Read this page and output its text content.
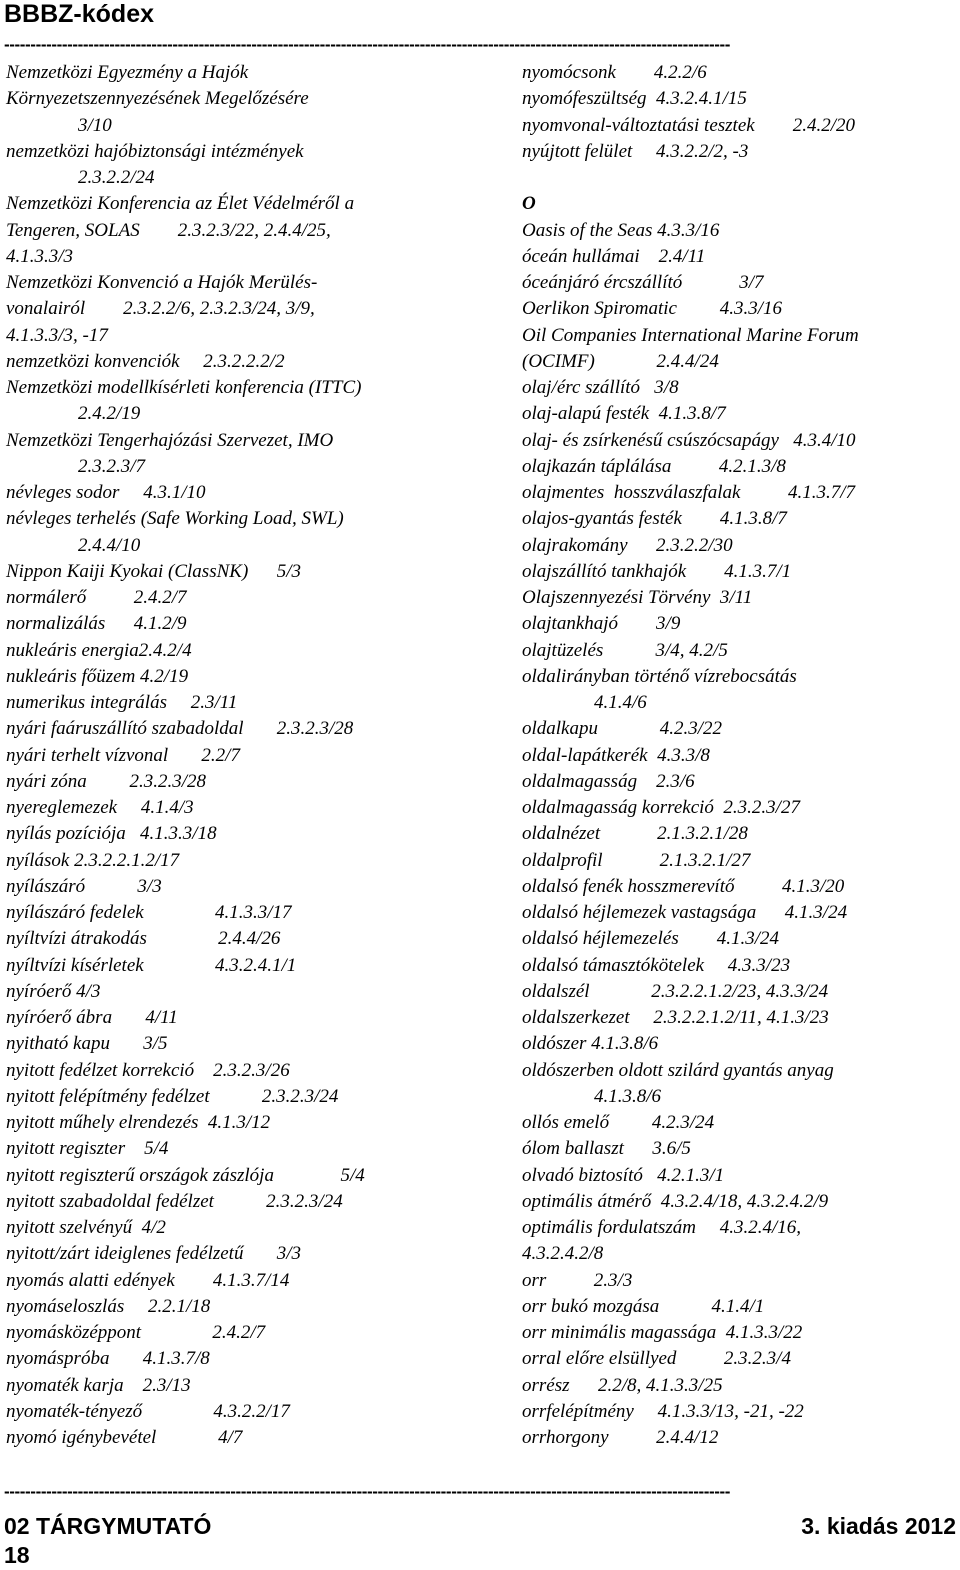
BBBZ-kódex
------------------------------------------------------------------------------------------------------------------------------------------
Nemzetközi Egyezmény a Hajók
Környezetszennyezésének Megelőzésére
3/10
nemzetközi hajóbiztonsági intézmények
2.3.2.2/24
Nemzetközi Konferencia az Élet Védelméről a
Tengeren, SOLAS        2.3.2.3/22, 2.4.4/25,
4.1.3.3/3
Nemzetközi Konvenció a Hajók Merülés-
vonalairól        2.3.2.2/6, 2.3.2.3/24, 3/9,
4.1.3.3/3, -17
nemzetközi konvenciók     2.3.2.2.2/2
Nemzetközi modellkísérleti konferencia (ITTC)
2.4.2/19
Nemzetközi Tengerhajózási Szervezet, IMO
2.3.2.3/7
névleges sodor     4.3.1/10
névleges terhelés (Safe Working Load, SWL)
2.4.4/10
Nippon Kaiji Kyokai (ClassNK)      5/3
normálerő          2.4.2/7
normalizálás      4.1.2/9
nukleáris energia2.4.2/4
nukleáris főüzem 4.2/19
numerikus integrálás     2.3/11
nyári faáruszállító szabadoldal       2.3.2.3/28
nyári terhelt vízvonal       2.2/7
nyári zóna         2.3.2.3/28
nyereglemezek     4.1.4/3
nyílás pozíciója   4.1.3.3/18
nyílások 2.3.2.2.1.2/17
nyílászáró           3/3
nyílászáró fedelek               4.1.3.3/17
nyíltvízi átrakodás               2.4.4/26
nyíltvízi kísérletek               4.3.2.4.1/1
nyíróerő 4/3
nyíróerő ábra       4/11
nyitható kapu       3/5
nyitott fedélzet korrekció    2.3.2.3/26
nyitott felépítmény fedélzet           2.3.2.3/24
nyitott műhely elrendezés  4.1.3/12
nyitott regiszter    5/4
nyitott regiszterű országok zászlója              5/4
nyitott szabadoldal fedélzet           2.3.2.3/24
nyitott szelvényű  4/2
nyitott/zárt ideiglenes fedélzetű       3/3
nyomás alatti edények        4.1.3.7/14
nyomáseloszlás     2.2.1/18
nyomásközéppont               2.4.2/7
nyomáspróba       4.1.3.7/8
nyomaték karja    2.3/13
nyomaték-tényező               4.3.2.2/17
nyomó igénybevétel             4/7
nyomócsonk        4.2.2/6
nyomófeszültség  4.3.2.4.1/15
nyomvonal-változtatási tesztek        2.4.2/20
nyújtott felület     4.3.2.2/2, -3
O
Oasis of the Seas 4.3.3/16
óceán hullámai    2.4/11
óceánjáró ércszállító            3/7
Oerlikon Spiromatic         4.3.3/16
Oil Companies International Marine Forum
(OCIMF)             2.4.4/24
olaj/érc szállító   3/8
olaj-alapú festék  4.1.3.8/7
olaj- és zsírkenésű csúszócsapágy   4.3.4/10
olajkazán táplálása          4.2.1.3/8
olajmentes  hosszválaszfalak          4.1.3.7/7
olajos-gyantás festék        4.1.3.8/7
olajrakomány      2.3.2.2/30
olajszállító tankhajók        4.1.3.7/1
Olajszennyezési Törvény  3/11
olajtankhajó        3/9
olajtüzelés           3/4, 4.2/5
oldalirányban történő vízrebocsátás
4.1.4/6
oldalkapu             4.2.3/22
oldal-lapátkerék  4.3.3/8
oldalmagasság    2.3/6
oldalmagasság korrekció  2.3.2.3/27
oldalnézet            2.1.3.2.1/28
oldalprofil            2.1.3.2.1/27
oldalsó fenék hosszmerevítő          4.1.3/20
oldalsó héjlemezek vastagsága      4.1.3/24
oldalsó héjlemezelés        4.1.3/24
oldalsó támasztókötelek     4.3.3/23
oldalszél             2.3.2.2.1.2/23, 4.3.3/24
oldalszerkezet     2.3.2.2.1.2/11, 4.1.3/23
oldószer 4.1.3.8/6
oldószerben oldott szilárd gyantás anyag
4.1.3.8/6
ollós emelő         4.2.3/24
ólom ballaszt      3.6/5
olvadó biztosító   4.2.1.3/1
optimális átmérő  4.3.2.4/18, 4.3.2.4.2/9
optimális fordulatszám     4.3.2.4/16,
4.3.2.4.2/8
orr          2.3/3
orr bukó mozgása           4.1.4/1
orr minimális magassága  4.1.3.3/22
orral előre elsüllyed          2.3.2.3/4
orrész      2.2/8, 4.1.3.3/25
orrfelépítmény     4.1.3.3/13, -21, -22
orrhorgony          2.4.4/12
------------------------------------------------------------------------------------------------------------------------------------------
02 TÁRGYMUTATÓ	3. kiadás 2012
18
